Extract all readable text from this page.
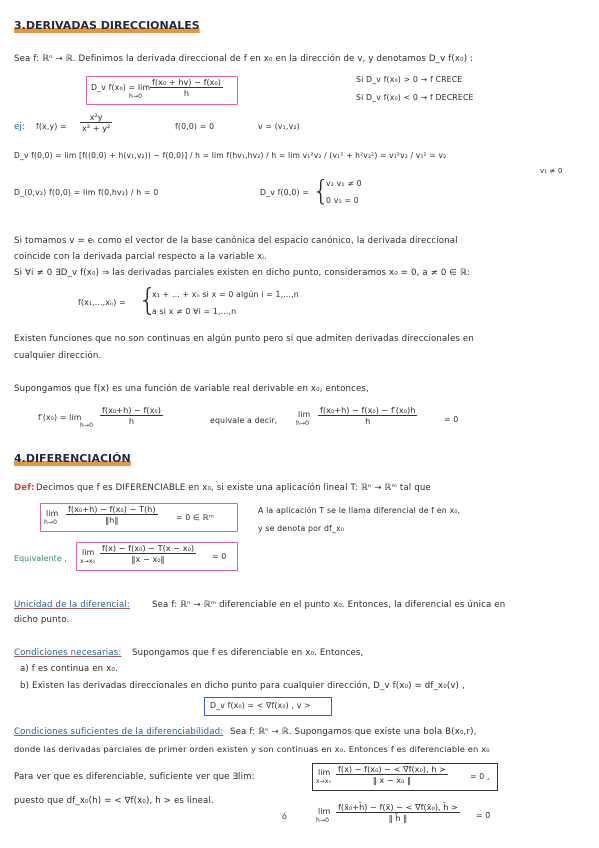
3.DERIVADAS DIRECCIONALES
Sea f: ℝⁿ → ℝ. Definimos la derivada direccional de f en x₀ en la dirección de v, y denotamos D_v f(x₀) :
D_v f(x₀) = lim
$h\to 0 \frac{\text{f(x₀ + hv) − f(x₀)}}{h}$	Si D_v f(x₀) > 0 → f CRECE
Si D_v f(x₀) < 0 → f DECRECE
ej: $f(x,y) = \frac{\text{x²y}}{\text{x² + y²}}$	f(0,0) = 0	v = (v₁,v₂)
D_v f(0,0) = lim [f((0,0) + h(v₁,v₂)) − f(0,0)] / h = lim f(hv₁,hv₂) / h = lim v₁²v₂ / (v₁² + h²v₂²) = v₁²v₂ / v₁² = v₂
v₁ ≠ 0
D_(0,v₂) f(0,0) = lim f(0,hv₂) / h = 0	D_v f(0,0) = {
v₂ v₁ ≠ 0
0 v₁ = 0
Si tomamos v = eᵢ como el vector de la base canónica del espacio canónico, la derivada direccional
coincide con la derivada parcial respecto a la variable xᵢ.
Si ∀i ≠ 0 ∃D_v f(x₀) ⇒ las derivadas parciales existen en dicho punto, consideramos x₀ = 0, a ≠ 0 ∈ ℝ:
f(x₁,...,xₙ) = {
x₁ + ... + xₙ si x = 0 algún i = 1,...,n
a si x ≠ 0 ∀i = 1,...,n
Existen funciones que no son continuas en algún punto pero sí que admiten derivadas direccionales en
cualquier dirección.
Supongamos que f(x) es una función de variable real derivable en x₀, entonces,
f′(x₀) = lim
$h\to 0 \frac{\text{f(x₀+h) − f(x₀)}}{h}$	equivale a decir,
lim
$h\to 0 \frac{\text{f(x₀+h) − f(x₀) − f′(x₀)h}}{h}$	= 0
4.DIFERENCIACIÓN
Def: Decimos que f es DIFERENCIABLE en x₀, si existe una aplicación lineal T: ℝⁿ → ℝᵐ tal que
lim
$h\to 0 \frac{\text{f(x₀+h) − f(x₀) − T(h)}}{‖h‖} = 0$ ∈ ℝᵐ
A la aplicación T se le llama diferencial de f en x₀,
y se denota por df_x₀
Equivalente ,
lim
$x\to x_0 \frac{\text{f(x) − f(x₀) − T(x − x₀)}}{\text{‖x − x₀‖}} = 0$
Unicidad de la diferencial:	Sea f: ℝⁿ → ℝᵐ diferenciable en el punto x₀. Entonces, la diferencial es única en
dicho punto.
Condiciones necesarias: Supongamos que f es diferenciable en x₀. Entonces,
a) f es continua en x₀.
b) Existen las derivadas direccionales en dicho punto para cualquier dirección, D_v f(x₀) = df_x₀(v) ,
D_v f(x₀) = < ∇f(x₀) , v >
Condiciones suficientes de la diferenciabilidad: Sea f: ℝⁿ → ℝ. Supongamos que existe una bola B(x₀,r),
donde las derivadas parciales de primer orden existen y son continuas en x₀. Entonces f es diferenciable en x₀
Para ver que es diferenciable, suficiente ver que ∃lim:	lim
$x\to x_0 \frac{\text{f(x) − f(x₀) − < ∇f(x₀), h >}}{\text{‖ x − x₀ ‖}}$	= 0 ,
puesto que df_x₀(h) = < ∇f(x₀), h > es lineal.
ó
lim
$h\to 0 \frac{\text{f(x̄₀+h̄) − f(x̄) − < ∇f(x̄₀), h̄ >}}{‖ h̄ ‖}$ = 0̄
